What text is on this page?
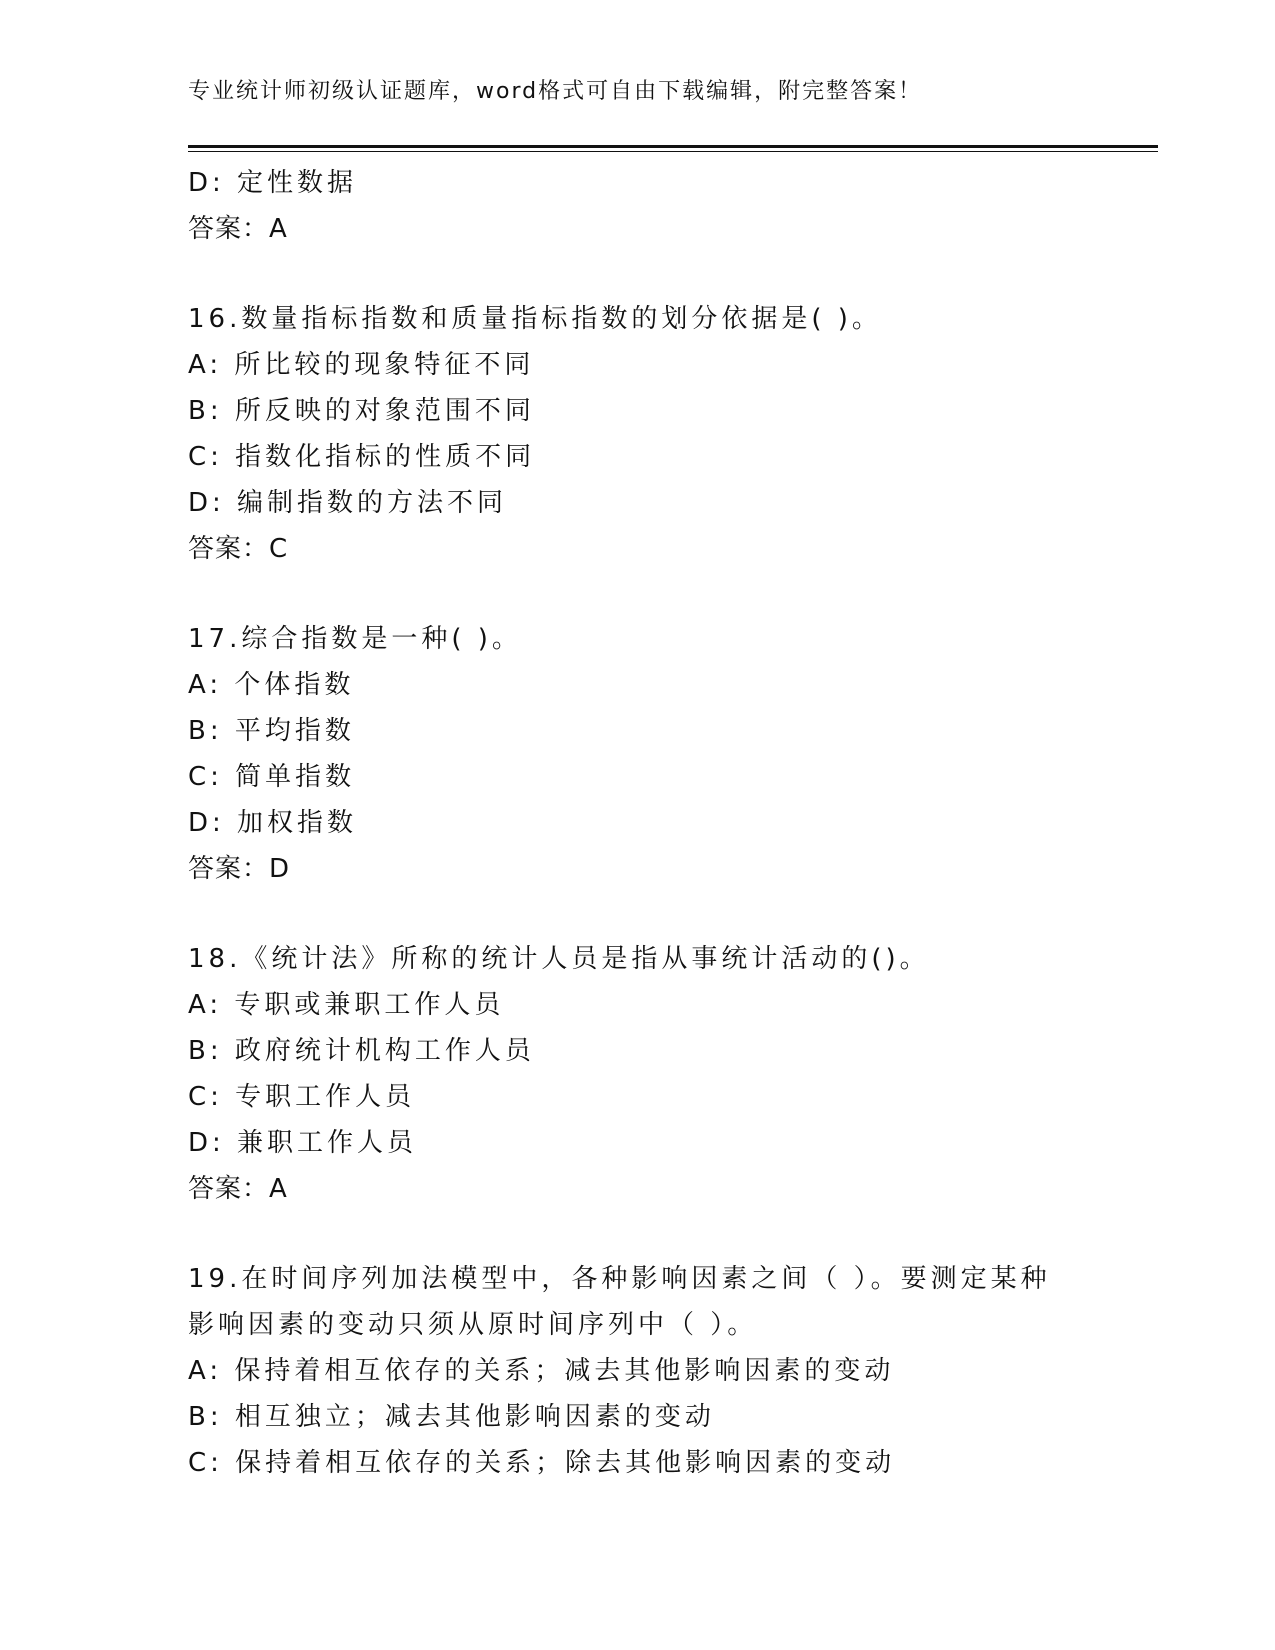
专业统计师初级认证题库，word格式可自由下载编辑，附完整答案！
D: 定性数据
答案：A
16.数量指标指数和质量指标指数的划分依据是( )。
A: 所比较的现象特征不同
B: 所反映的对象范围不同
C: 指数化指标的性质不同
D: 编制指数的方法不同
答案：C
17.综合指数是一种( )。
A: 个体指数
B: 平均指数
C: 简单指数
D: 加权指数
答案：D
18.《统计法》所称的统计人员是指从事统计活动的()。
A: 专职或兼职工作人员
B: 政府统计机构工作人员
C: 专职工作人员
D: 兼职工作人员
答案：A
19.在时间序列加法模型中，各种影响因素之间（ ）。要测定某种
影响因素的变动只须从原时间序列中（ ）。
A: 保持着相互依存的关系；减去其他影响因素的变动
B: 相互独立；减去其他影响因素的变动
C: 保持着相互依存的关系；除去其他影响因素的变动
